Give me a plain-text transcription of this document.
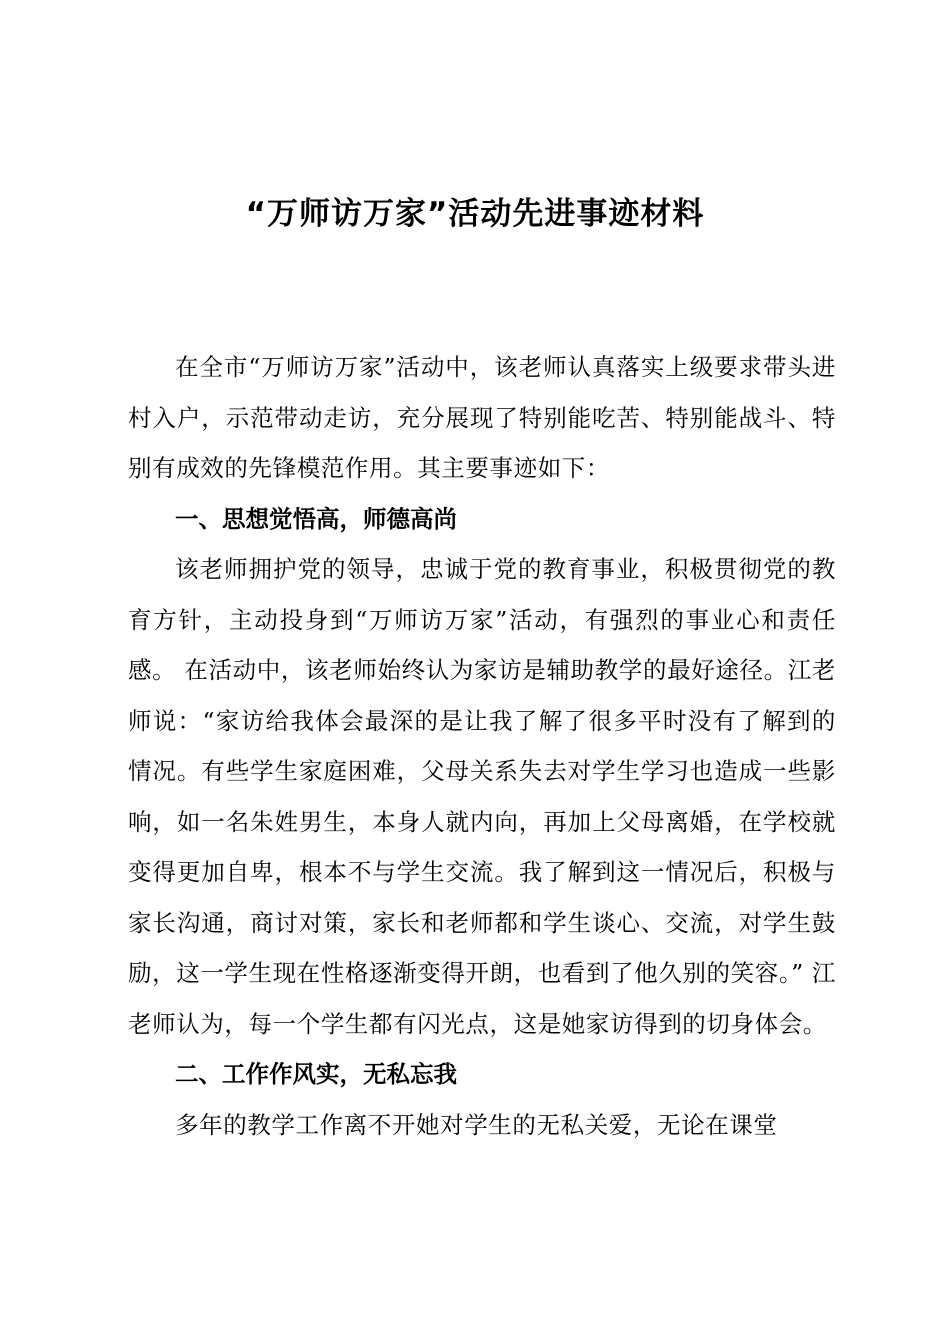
“万师访万家”活动先进事迹材料

在全市“万师访万家”活动中，该老师认真落实上级要求带头进村入户，示范带动走访，充分展现了特别能吃苦、特别能战斗、特别有成效的先锋模范作用。其主要事迹如下：

一、思想觉悟高，师德高尚

该老师拥护党的领导，忠诚于党的教育事业，积极贯彻党的教育方针，主动投身到“万师访万家”活动，有强烈的事业心和责任感。 在活动中，该老师始终认为家访是辅助教学的最好途径。江老师说：“家访给我体会最深的是让我了解了很多平时没有了解到的情况。有些学生家庭困难，父母关系失去对学生学习也造成一些影响，如一名朱姓男生，本身人就内向，再加上父母离婚，在学校就变得更加自卑，根本不与学生交流。我了解到这一情况后，积极与家长沟通，商讨对策，家长和老师都和学生谈心、交流，对学生鼓励，这一学生现在性格逐渐变得开朗，也看到了他久别的笑容。” 江老师认为，每一个学生都有闪光点，这是她家访得到的切身体会。

二、工作作风实，无私忘我

多年的教学工作离不开她对学生的无私关爱，无论在课堂
